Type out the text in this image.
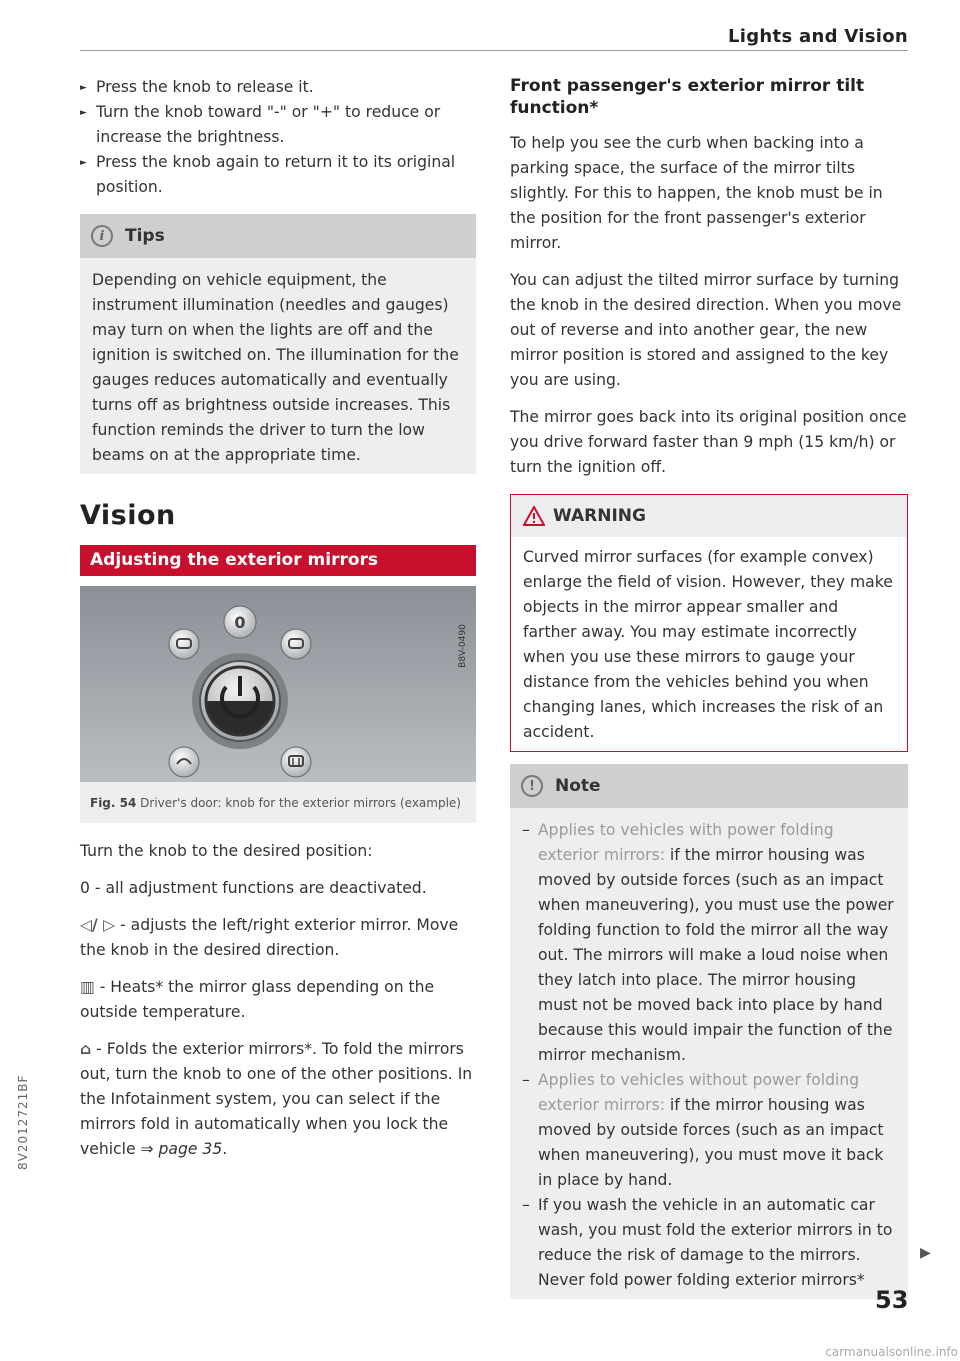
Lights and Vision
► Press the knob to release it.
► Turn the knob toward "-" or "+" to reduce or increase the brightness.
► Press the knob again to return it to its original position.
i	Tips
Depending on vehicle equipment, the instrument illumination (needles and gauges) may turn on when the lights are off and the ignition is switched on. The illumination for the gauges reduces automatically and eventually turns off as brightness outside increases. This function reminds the driver to turn the low beams on at the appropriate time.
Vision
Adjusting the exterior mirrors
0
B8V-0490
Fig. 54 Driver's door: knob for the exterior mirrors (example)

Turn the knob to the desired position:

0 - all adjustment functions are deactivated.

◁/ ▷ - adjusts the left/right exterior mirror. Move the knob in the desired direction.

▥ - Heats* the mirror glass depending on the outside temperature.

⌂ - Folds the exterior mirrors*. To fold the mirrors out, turn the knob to one of the other positions. In the Infotainment system, you can select if the mirrors fold in automatically when you lock the vehicle ⇒ page 35.

Front passenger's exterior mirror tilt function*

To help you see the curb when backing into a parking space, the surface of the mirror tilts slightly. For this to happen, the knob must be in the position for the front passenger's exterior mirror.

You can adjust the tilted mirror surface by turning the knob in the desired direction. When you move out of reverse and into another gear, the new mirror position is stored and assigned to the key you are using.

The mirror goes back into its original position once you drive forward faster than 9 mph (15 km/h) or turn the ignition off.

WARNING
Curved mirror surfaces (for example convex) enlarge the field of vision. However, they make objects in the mirror appear smaller and farther away. You may estimate incorrectly when you use these mirrors to gauge your distance from the vehicles behind you when changing lanes, which increases the risk of an accident.
!	Note
– Applies to vehicles with power folding exterior mirrors: if the mirror housing was moved by outside forces (such as an impact when maneuvering), you must use the power folding function to fold the mirror all the way out. The mirrors will make a loud noise when they latch into place. The mirror housing must not be moved back into place by hand because this would impair the function of the mirror mechanism.
– Applies to vehicles without power folding exterior mirrors: if the mirror housing was moved by outside forces (such as an impact when maneuvering), you must move it back in place by hand.
– If you wash the vehicle in an automatic car wash, you must fold the exterior mirrors in to reduce the risk of damage to the mirrors. Never fold power folding exterior mirrors*
▶
53
8V2012721BF
carmanualsonline.info
